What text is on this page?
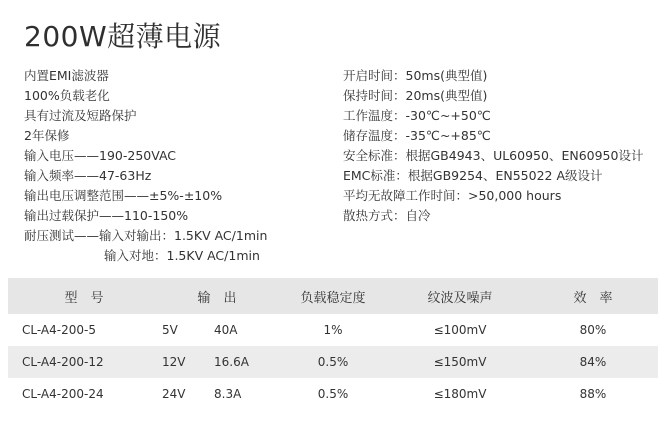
200W超薄电源
内置EMI滤波器
100%负载老化
具有过流及短路保护
2年保修
输入电压——190-250VAC
输入频率——47-63Hz
输出电压调整范围——±5%-±10%
输出过载保护——110-150%
耐压测试——输入对输出：1.5KV AC/1min
输入对地：1.5KV AC/1min
开启时间：50ms(典型值)
保持时间：20ms(典型值)
工作温度：-30℃~+50℃
储存温度：-35℃~+85℃
安全标准：根据GB4943、UL60950、EN60950设计
EMC标准：根据GB9254、EN55022 A级设计
平均无故障工作时间：>50,000 hours
散热方式：自冷
型　号	输　出		负载稳定度	纹波及噪声	效　率
CL-A4-200-5	5V	40A	1%	≤100mV	80%
CL-A4-200-12	12V	16.6A	0.5%	≤150mV	84%
CL-A4-200-24	24V	8.3A	0.5%	≤180mV	88%
